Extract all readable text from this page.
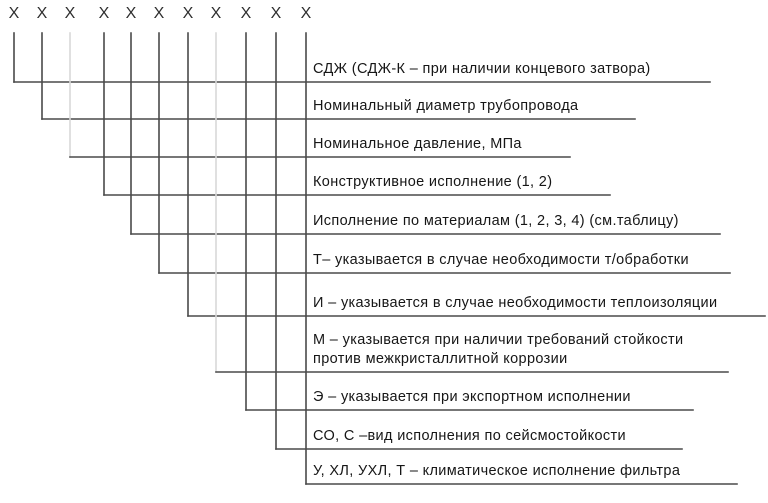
Х	Х	Х	Х	Х	Х	Х	Х	Х	Х	Х
СДЖ (СДЖ-К – при наличии концевого затвора)
Номинальный диаметр трубопровода
Номинальное давление, МПа
Конструктивное исполнение (1, 2)
Исполнение по материалам (1, 2, 3, 4) (см.таблицу)
Т– указывается в случае необходимости т/обработки
И – указывается в случае необходимости теплоизоляции
М – указывается при наличии требований стойкости
против межкристаллитной коррозии
Э – указывается при экспортном исполнении
СО, С –вид исполнения по сейсмостойкости
У, ХЛ, УХЛ, Т – климатическое исполнение фильтра
